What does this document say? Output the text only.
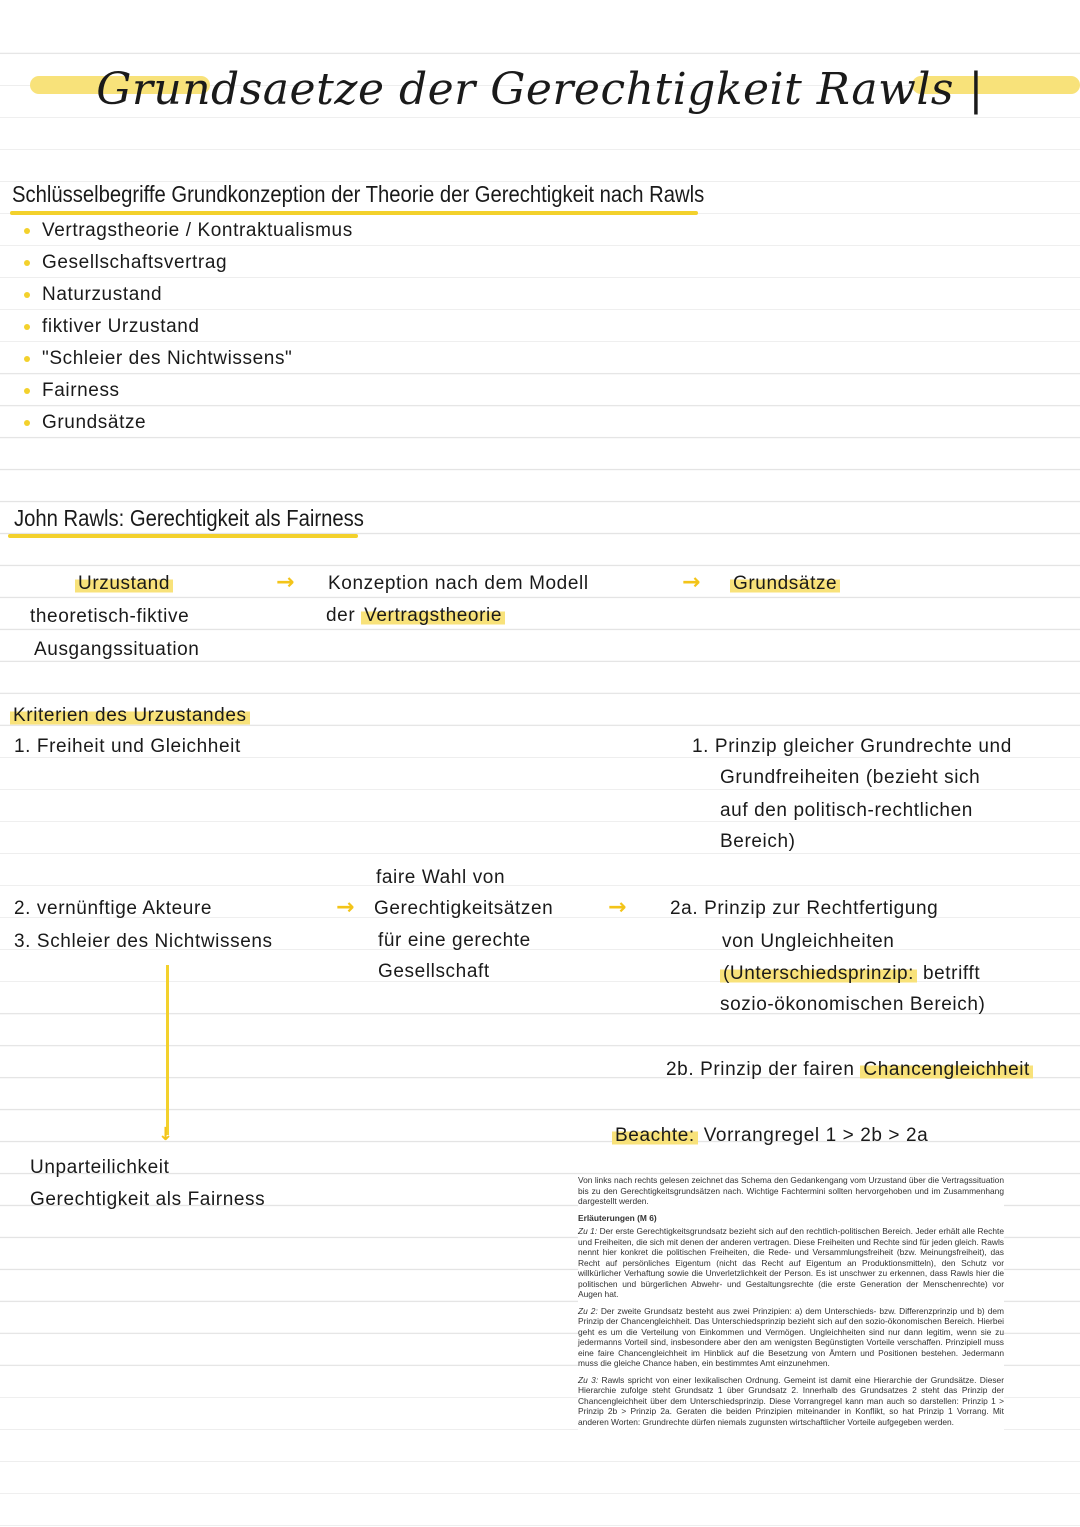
Grundsaetze der Gerechtigkeit Rawls |
Schlüsselbegriffe Grundkonzeption der Theorie der Gerechtigkeit nach Rawls
Vertragstheorie / Kontraktualismus
Gesellschaftsvertrag
Naturzustand
fiktiver Urzustand
"Schleier des Nichtwissens"
Fairness
Grundsätze
John Rawls: Gerechtigkeit als Fairness
Urzustand
theoretisch-fiktive
Ausgangssituation
→ Konzeption nach dem Modell
der Vertragstheorie
→ Grundsätze
Kriterien des Urzustandes
1. Freiheit und Gleichheit	1. Prinzip gleicher Grundrechte und
Grundfreiheiten (bezieht sich
auf den politisch-rechtlichen
Bereich)
faire Wahl von
Gerechtigkeitsätzen
für eine gerechte
Gesellschaft
2. vernünftige Akteure
3. Schleier des Nichtwissens
→	→ 2a. Prinzip zur Rechtfertigung
von Ungleichheiten
(Unterschiedsprinzip: betrifft
sozio-ökonomischen Bereich)
2b. Prinzip der fairen Chancengleichheit
Beachte: Vorrangregel 1 > 2b > 2a
↓
Unparteilichkeit
Gerechtigkeit als Fairness

Von links nach rechts gelesen zeichnet das Schema den Gedankengang vom Urzustand über die Vertragssituation bis zu den Gerechtigkeitsgrundsätzen nach. Wichtige Fachtermini sollten hervorgehoben und im Zusammenhang dargestellt werden.

Erläuterungen (M 6)

Zu 1: Der erste Gerechtigkeitsgrundsatz bezieht sich auf den rechtlich-politischen Bereich. Jeder erhält alle Rechte und Freiheiten, die sich mit denen der anderen vertragen. Diese Freiheiten und Rechte sind für jeden gleich. Rawls nennt hier konkret die politischen Freiheiten, die Rede- und Versammlungsfreiheit (bzw. Meinungsfreiheit), das Recht auf persönliches Eigentum (nicht das Recht auf Eigentum an Produktionsmitteln), den Schutz vor willkürlicher Verhaftung sowie die Unverletzlichkeit der Person. Es ist unschwer zu erkennen, dass Rawls hier die politischen und bürgerlichen Abwehr- und Gestaltungsrechte (die erste Generation der Menschenrechte) vor Augen hat.

Zu 2: Der zweite Grundsatz besteht aus zwei Prinzipien: a) dem Unterschieds- bzw. Differenzprinzip und b) dem Prinzip der Chancengleichheit. Das Unterschiedsprinzip bezieht sich auf den sozio-ökonomischen Bereich. Hierbei geht es um die Verteilung von Einkommen und Vermögen. Ungleichheiten sind nur dann legitim, wenn sie zu jedermanns Vorteil sind, insbesondere aber den am wenigsten Begünstigten Vorteile verschaffen. Prinzipiell muss eine faire Chancengleichheit im Hinblick auf die Besetzung von Ämtern und Positionen bestehen. Jedermann muss die gleiche Chance haben, ein bestimmtes Amt einzunehmen.

Zu 3: Rawls spricht von einer lexikalischen Ordnung. Gemeint ist damit eine Hierarchie der Grundsätze. Dieser Hierarchie zufolge steht Grundsatz 1 über Grundsatz 2. Innerhalb des Grundsatzes 2 steht das Prinzip der Chancengleichheit über dem Unterschiedsprinzip. Diese Vorrangregel kann man auch so darstellen: Prinzip 1 > Prinzip 2b > Prinzip 2a. Geraten die beiden Prinzipien miteinander in Konflikt, so hat Prinzip 1 Vorrang. Mit anderen Worten: Grundrechte dürfen niemals zugunsten wirtschaftlicher Vorteile aufgegeben werden.
